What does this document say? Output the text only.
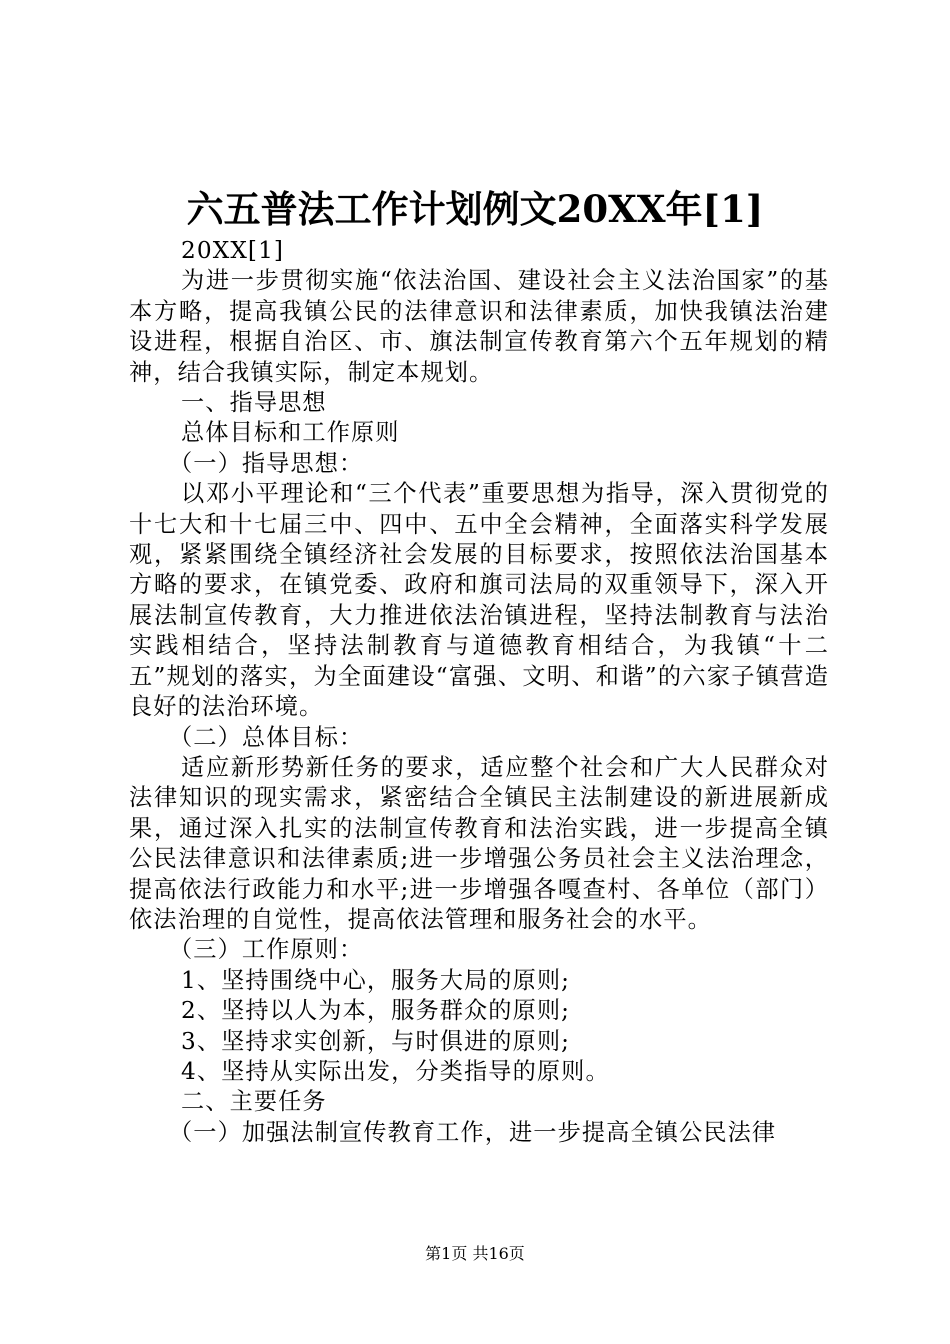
六五普法工作计划例文20XX年[1]

20XX[1]

为进一步贯彻实施“依法治国、建设社会主义法治国家”的基本方略，提高我镇公民的法律意识和法律素质，加快我镇法治建设进程，根据自治区、市、旗法制宣传教育第六个五年规划的精神，结合我镇实际，制定本规划。

一、指导思想

总体目标和工作原则

（一）指导思想：

以邓小平理论和“三个代表”重要思想为指导，深入贯彻党的十七大和十七届三中、四中、五中全会精神，全面落实科学发展观，紧紧围绕全镇经济社会发展的目标要求，按照依法治国基本方略的要求，在镇党委、政府和旗司法局的双重领导下，深入开展法制宣传教育，大力推进依法治镇进程，坚持法制教育与法治实践相结合，坚持法制教育与道德教育相结合，为我镇“十二五”规划的落实，为全面建设“富强、文明、和谐”的六家子镇营造良好的法治环境。

（二）总体目标：

适应新形势新任务的要求，适应整个社会和广大人民群众对法律知识的现实需求，紧密结合全镇民主法制建设的新进展新成果，通过深入扎实的法制宣传教育和法治实践，进一步提高全镇公民法律意识和法律素质;进一步增强公务员社会主义法治理念，提高依法行政能力和水平;进一步增强各嘎查村、各单位（部门）依法治理的自觉性，提高依法管理和服务社会的水平。

（三）工作原则：

1、坚持围绕中心，服务大局的原则;

2、坚持以人为本，服务群众的原则;

3、坚持求实创新，与时俱进的原则;

4、坚持从实际出发，分类指导的原则。

二、主要任务

（一）加强法制宣传教育工作，进一步提高全镇公民法律

第1页 共16页
